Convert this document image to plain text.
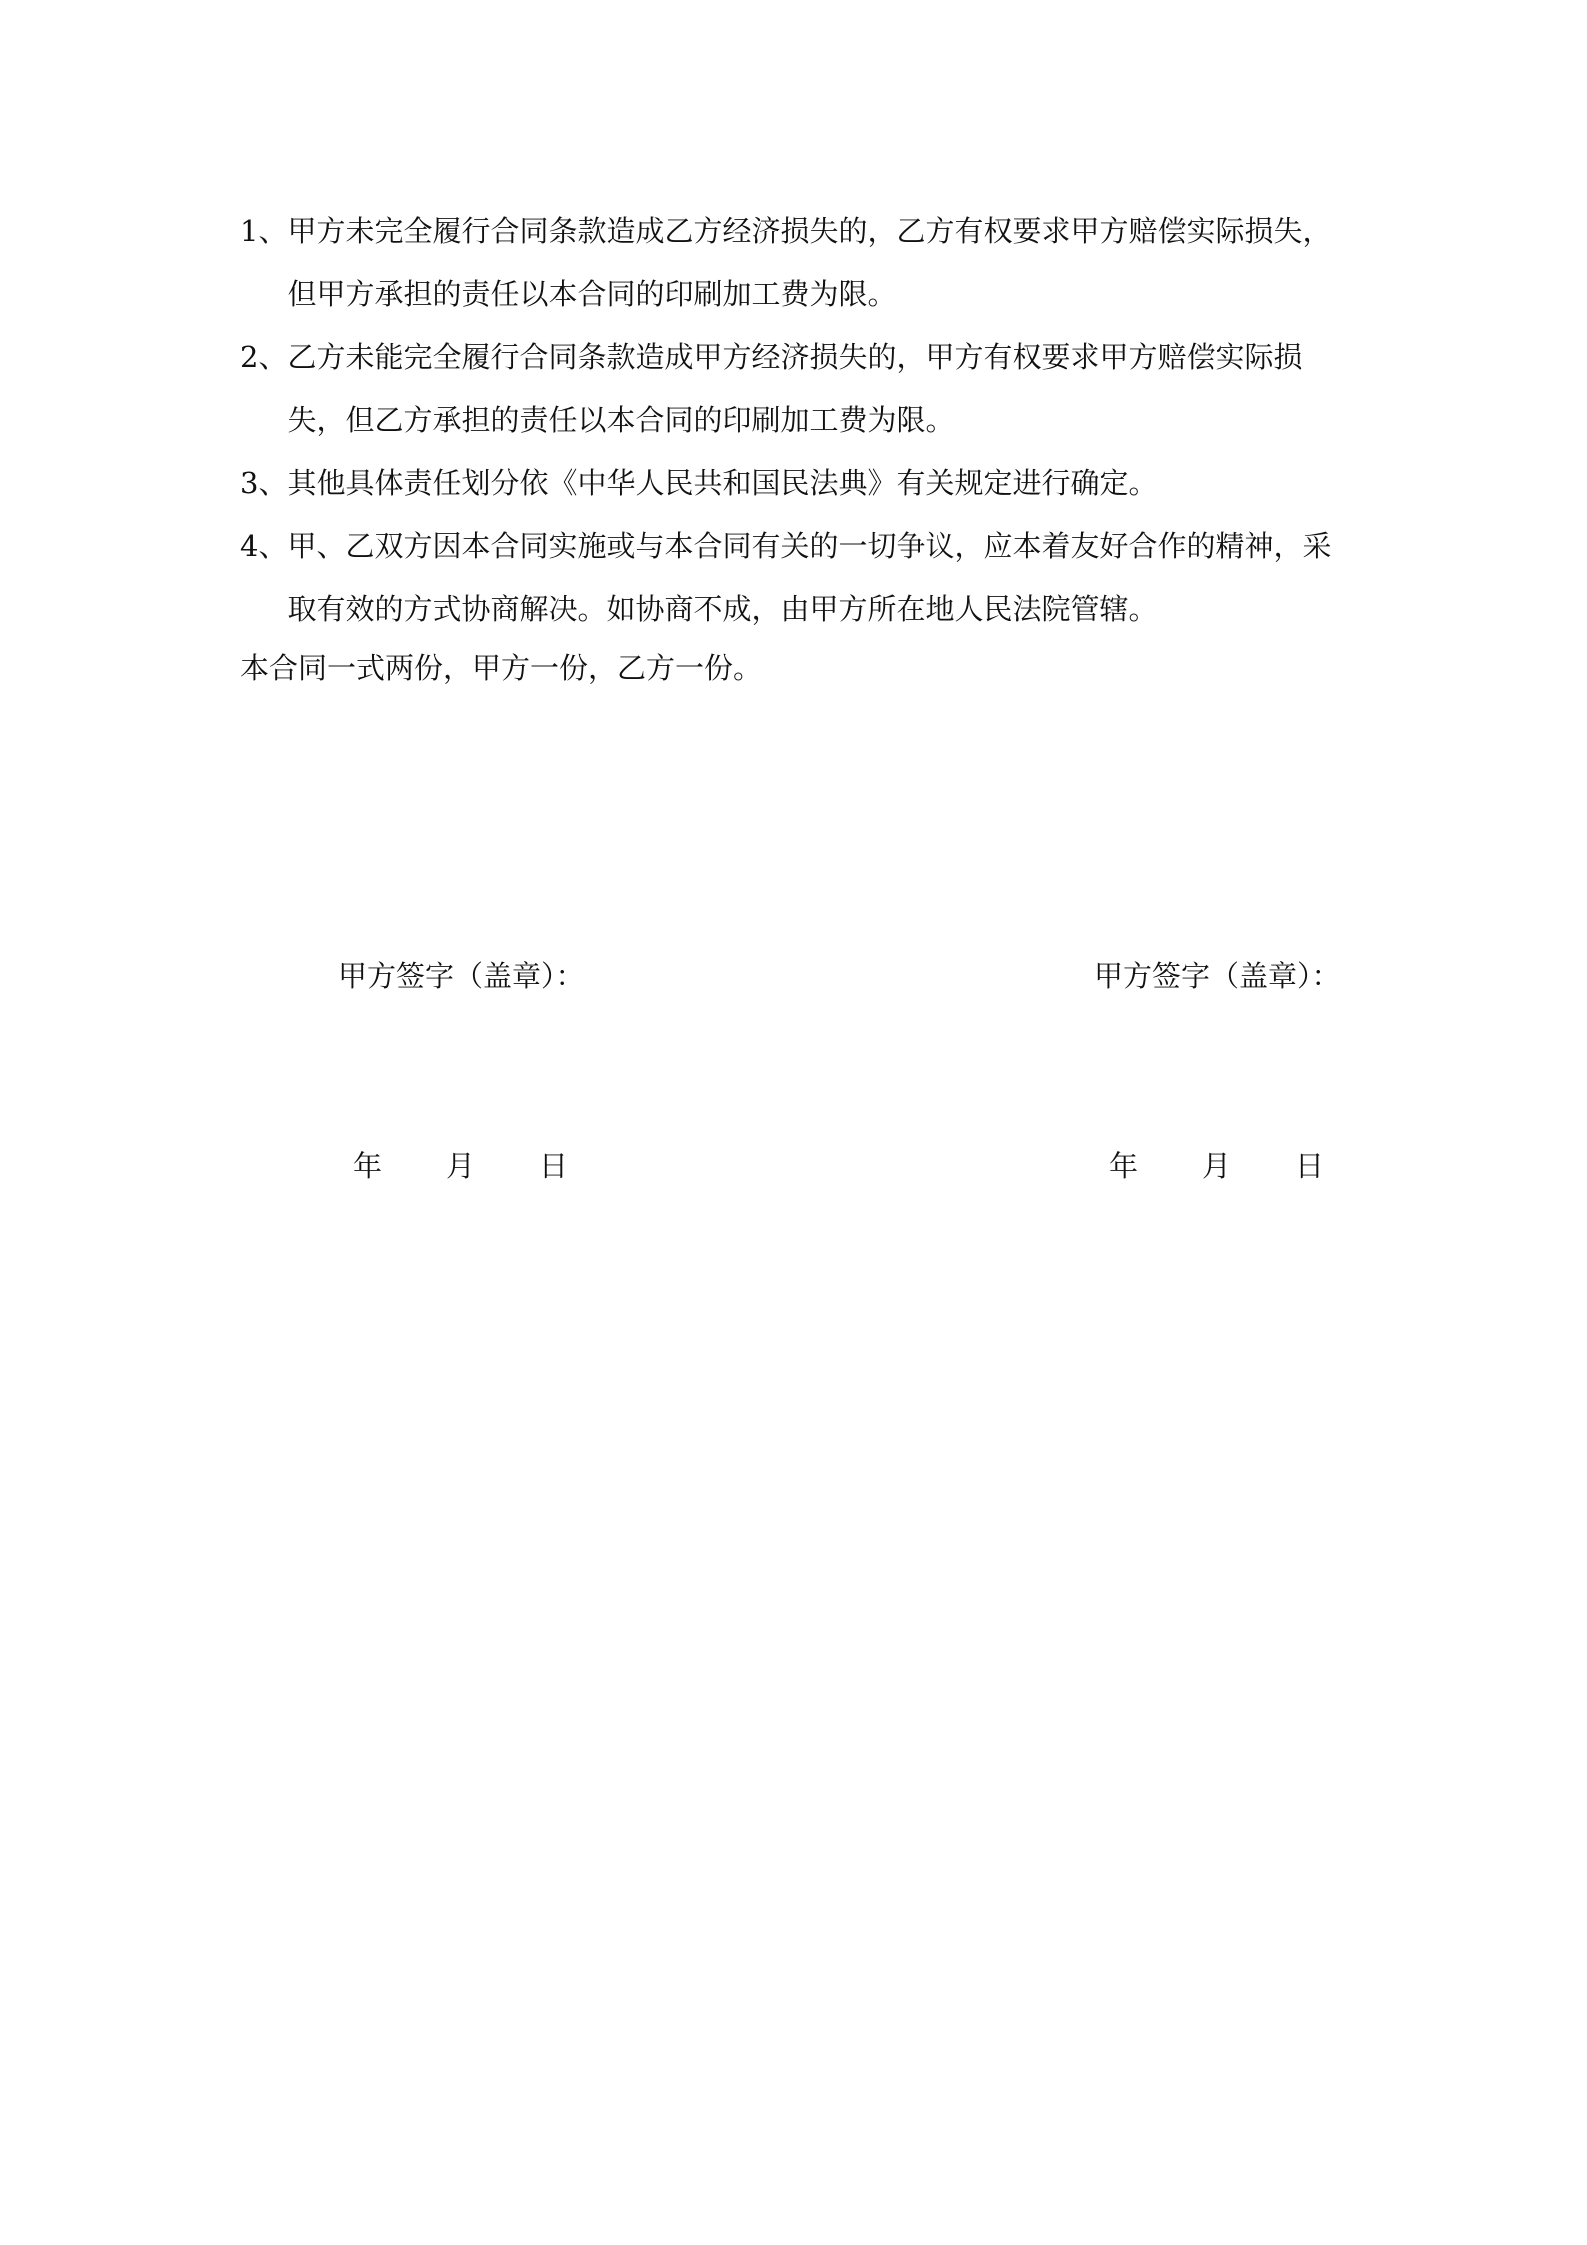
1、 甲方未完全履行合同条款造成乙方经济损失的，乙方有权要求甲方赔偿实际损失，但甲方承担的责任以本合同的印刷加工费为限。
2、 乙方未能完全履行合同条款造成甲方经济损失的，甲方有权要求甲方赔偿实际损失，但乙方承担的责任以本合同的印刷加工费为限。
3、 其他具体责任划分依《中华人民共和国民法典》有关规定进行确定。
4、 甲、乙双方因本合同实施或与本合同有关的一切争议，应本着友好合作的精神，采取有效的方式协商解决。如协商不成，由甲方所在地人民法院管辖。
本合同一式两份，甲方一份，乙方一份。
甲方签字（盖章）：	甲方签字（盖章）：
年 月 日	年 月 日
